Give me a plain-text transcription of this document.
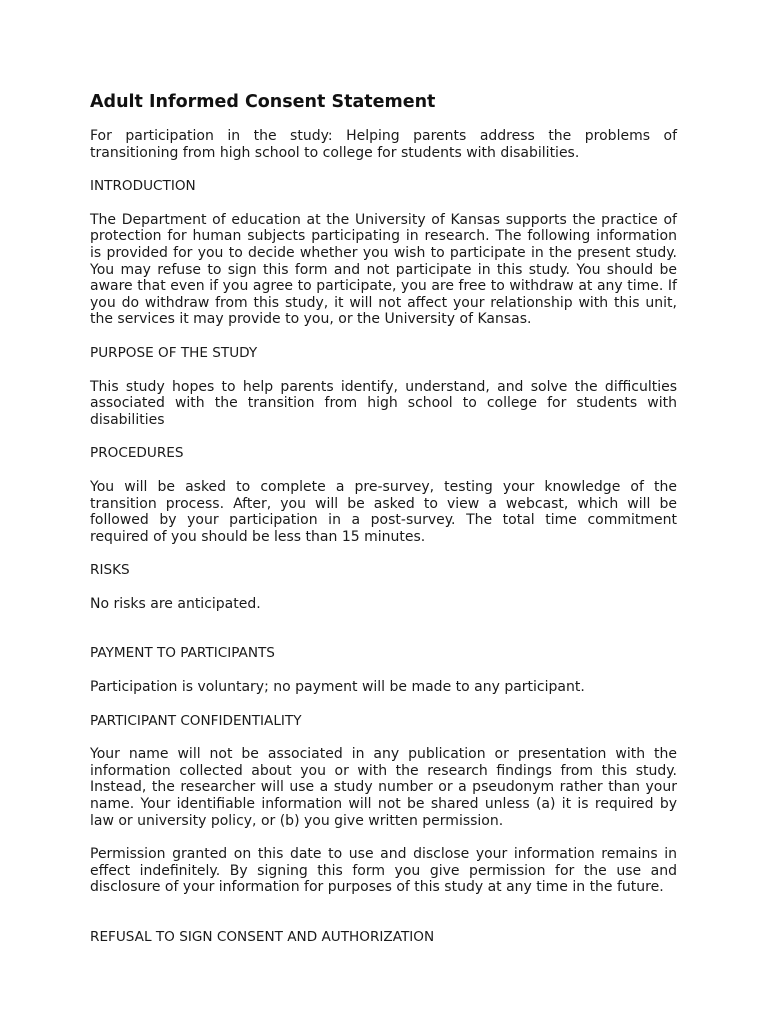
Adult Informed Consent Statement

For participation in the study: Helping parents address the problems of transitioning from high school to college for students with disabilities.

INTRODUCTION

The Department of education at the University of Kansas supports the practice of protection for human subjects participating in research. The following information is provided for you to decide whether you wish to participate in the present study. You may refuse to sign this form and not participate in this study. You should be aware that even if you agree to participate, you are free to withdraw at any time. If you do withdraw from this study, it will not affect your relationship with this unit, the services it may provide to you, or the University of Kansas.

PURPOSE OF THE STUDY

This study hopes to help parents identify, understand, and solve the difficulties associated with the transition from high school to college for students with disabilities

PROCEDURES

You will be asked to complete a pre-survey, testing your knowledge of the transition process. After, you will be asked to view a webcast, which will be followed by your participation in a post-survey. The total time commitment required of you should be less than 15 minutes.

RISKS

No risks are anticipated.

PAYMENT TO PARTICIPANTS

Participation is voluntary; no payment will be made to any participant.

PARTICIPANT CONFIDENTIALITY

Your name will not be associated in any publication or presentation with the information collected about you or with the research findings from this study. Instead, the researcher will use a study number or a pseudonym rather than your name. Your identifiable information will not be shared unless (a) it is required by law or university policy, or (b) you give written permission.

Permission granted on this date to use and disclose your information remains in effect indefinitely. By signing this form you give permission for the use and disclosure of your information for purposes of this study at any time in the future.

REFUSAL TO SIGN CONSENT AND AUTHORIZATION
